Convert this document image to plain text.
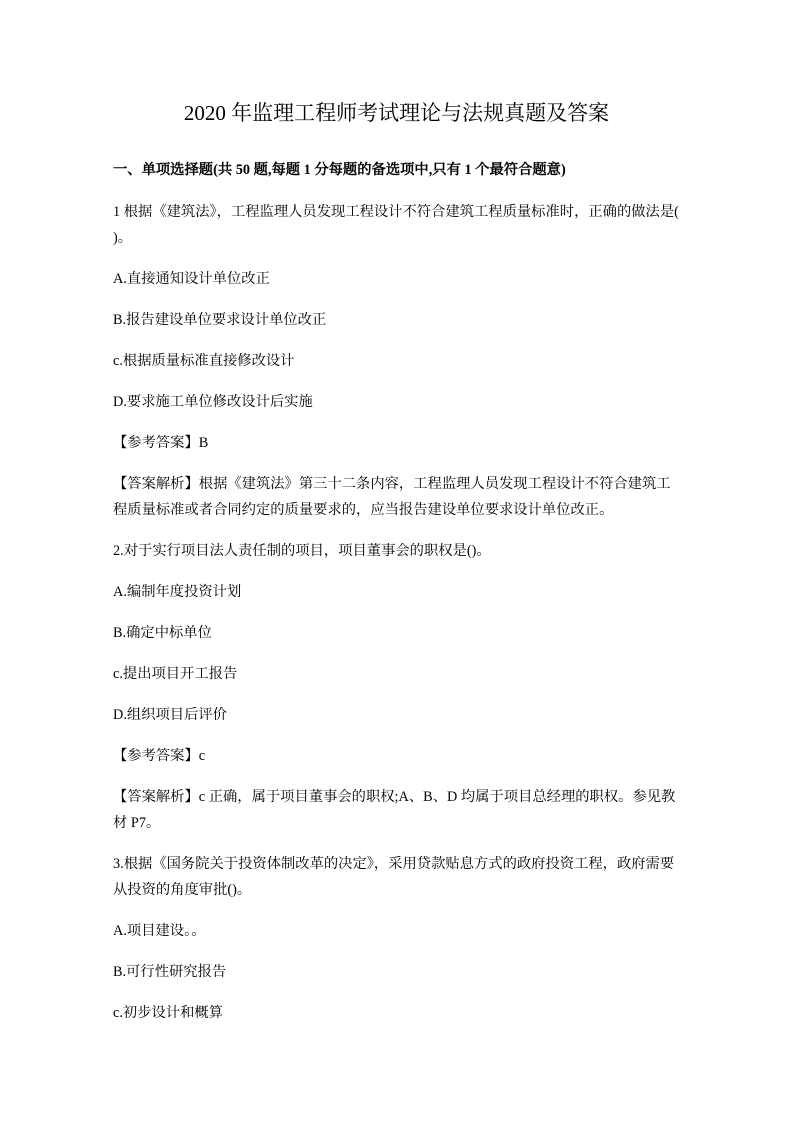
2020 年监理工程师考试理论与法规真题及答案
一、单项选择题(共 50 题,每题 1 分每题的备选项中,只有 1 个最符合题意)

1 根据《建筑法》，工程监理人员发现工程设计不符合建筑工程质量标准时，正确的做法是(  )。

A.直接通知设计单位改正

B.报告建设单位要求设计单位改正

c.根据质量标准直接修改设计

D.要求施工单位修改设计后实施

【参考答案】B

【答案解析】根据《建筑法》第三十二条内容，工程监理人员发现工程设计不符合建筑工程质量标准或者合同约定的质量要求的，应当报告建设单位要求设计单位改正。

2.对于实行项目法人责任制的项目，项目董事会的职权是()。

A.编制年度投资计划

B.确定中标单位

c.提出项目开工报告

D.组织项目后评价

【参考答案】c

【答案解析】c 正确，属于项目董事会的职权;A、B、D 均属于项目总经理的职权。参见教材 P7。

3.根据《国务院关于投资体制改革的决定》，采用贷款贴息方式的政府投资工程，政府需要从投资的角度审批()。

A.项目建设。。

B.可行性研究报告

c.初步设计和概算
